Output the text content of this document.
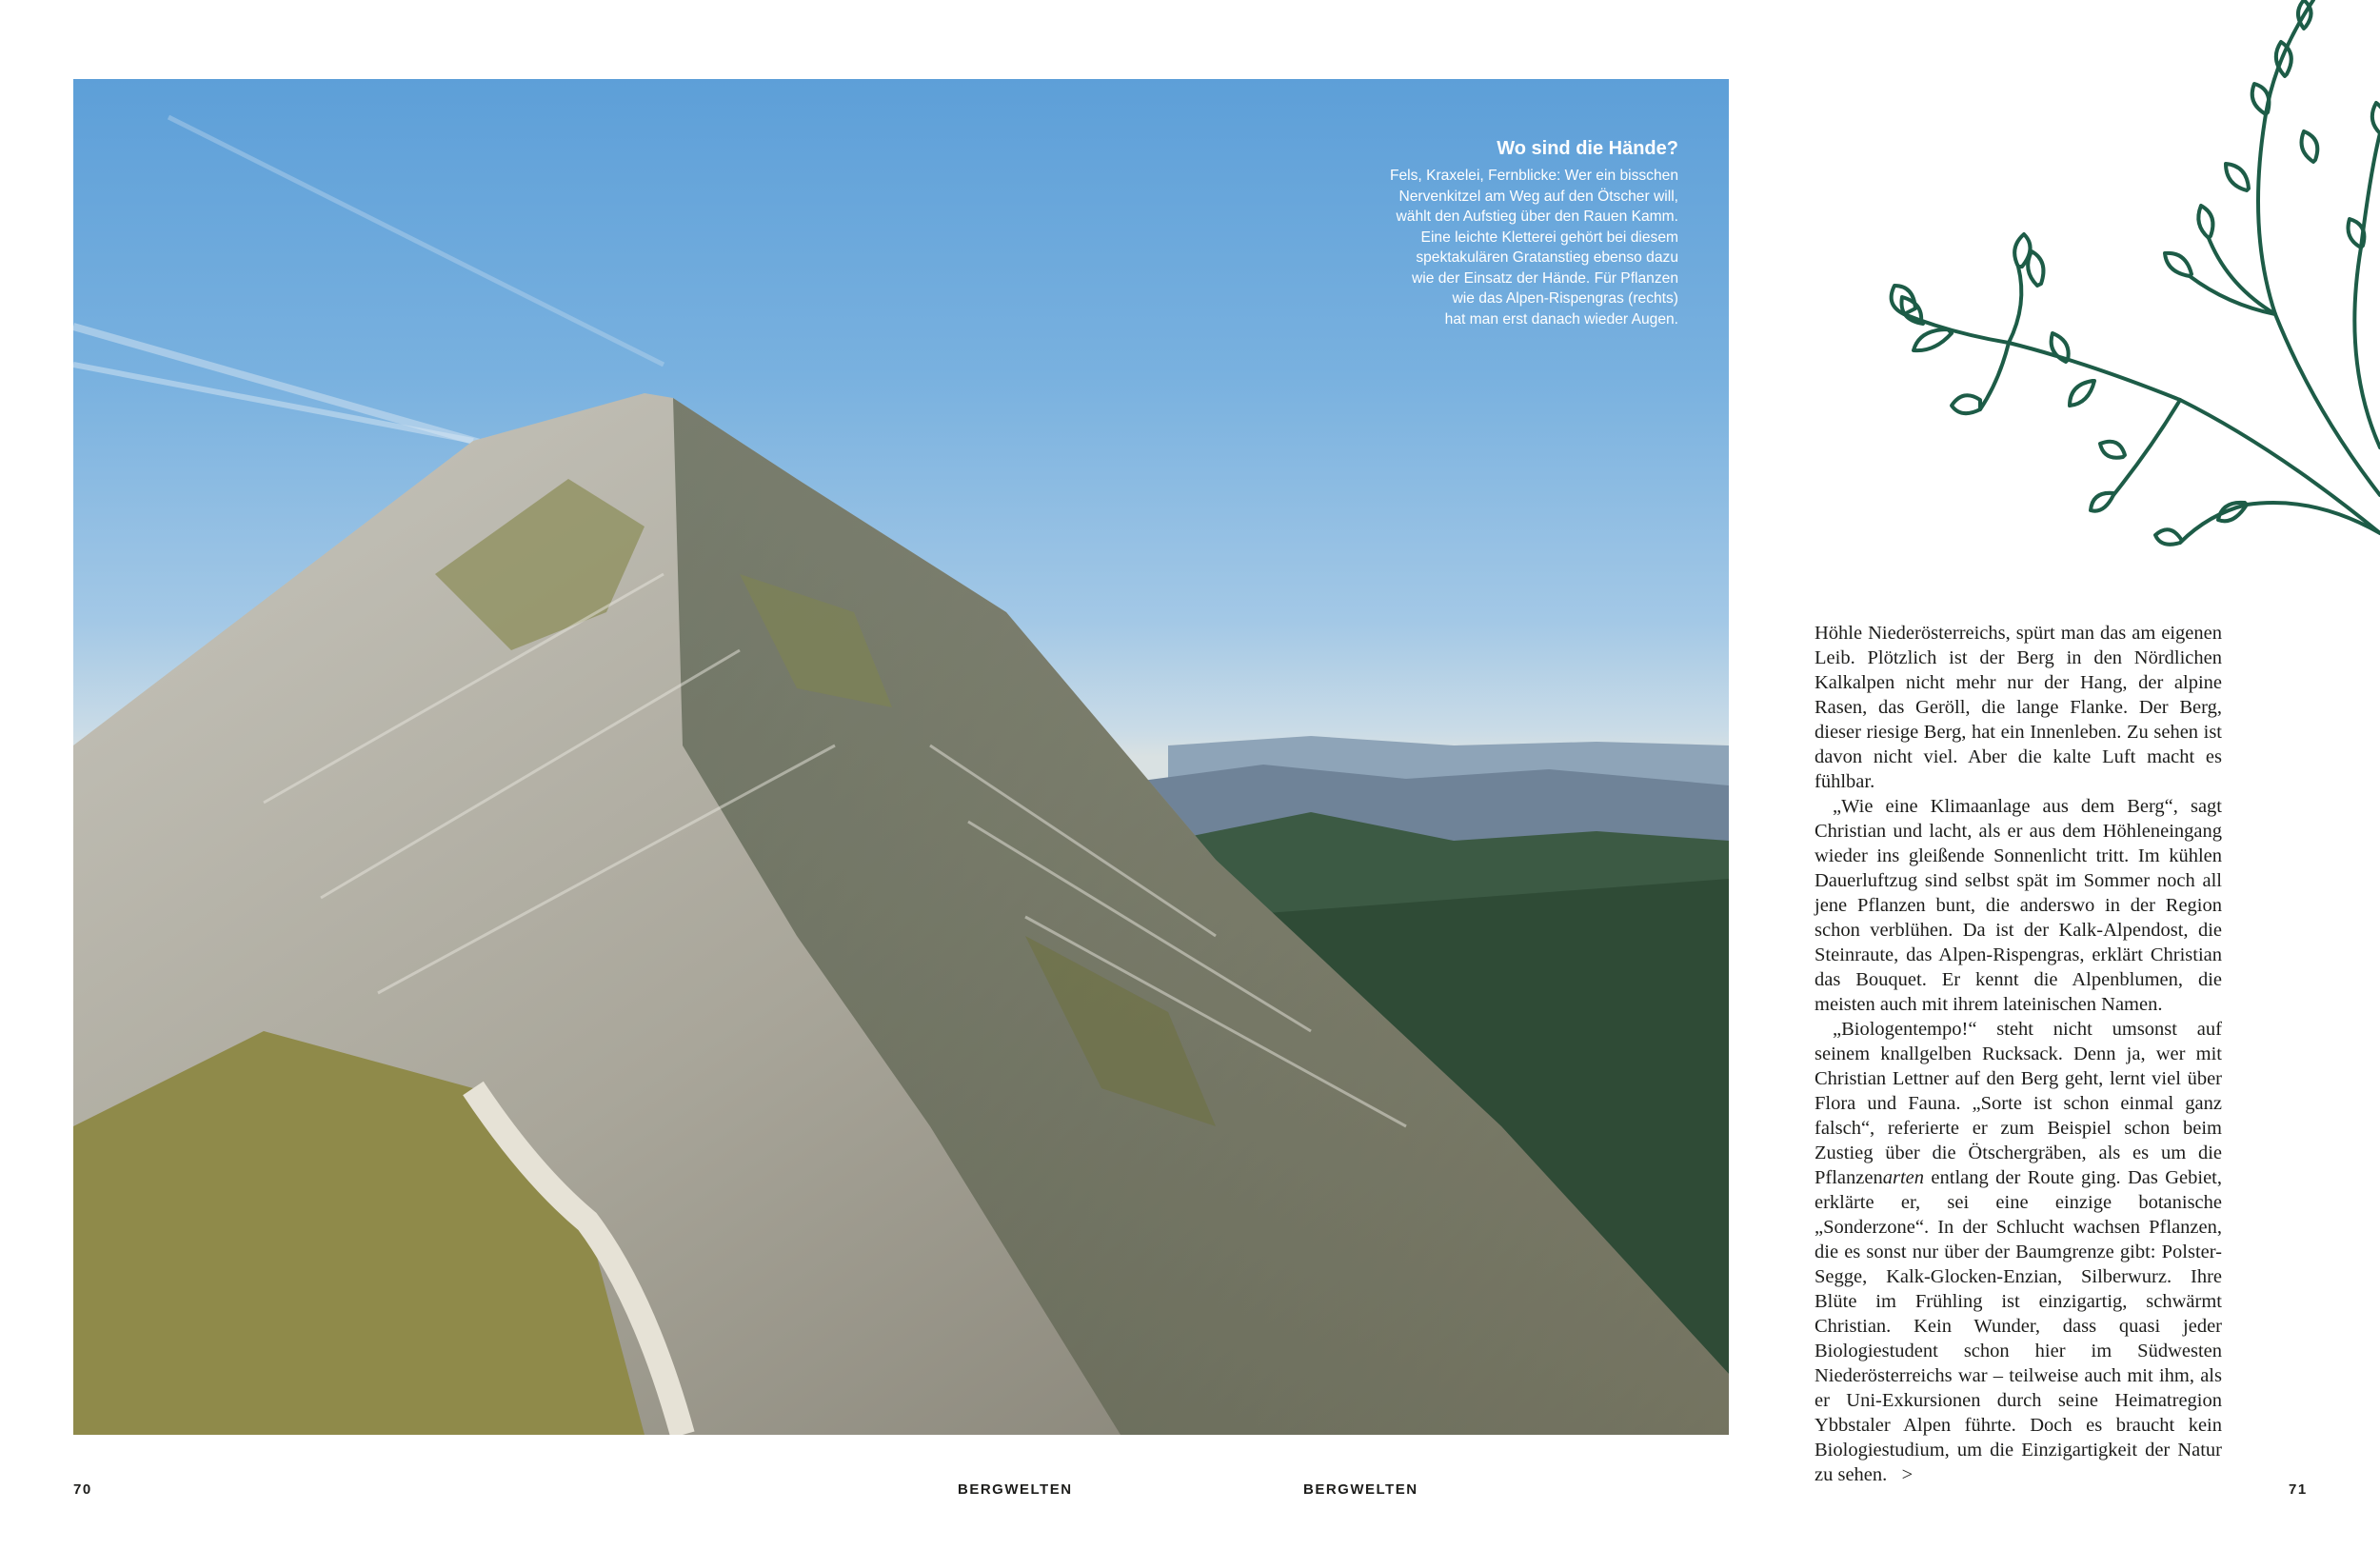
Wo sind die Hände?
Fels, Kraxelei, Fernblicke: Wer ein bisschen
Nervenkitzel am Weg auf den Ötscher will,
wählt den Aufstieg über den Rauen Kamm.
Eine leichte Kletterei gehört bei diesem
spektakulären Gratanstieg ebenso dazu
wie der Einsatz der Hände. Für Pflanzen
wie das Alpen-Rispengras (rechts)
hat man erst danach wieder Augen.

Höhle Niederösterreichs, spürt man das am eigenen Leib. Plötzlich ist der Berg in den Nördlichen Kalkalpen nicht mehr nur der Hang, der alpine Rasen, das Geröll, die lange Flanke. Der Berg, dieser riesige Berg, hat ein Innenleben. Zu sehen ist davon nicht viel. Aber die kalte Luft macht es fühlbar.

„Wie eine Klimaanlage aus dem Berg“, sagt Christian und lacht, als er aus dem Höhleneingang wieder ins gleißende Sonnenlicht tritt. Im kühlen Dauerluftzug sind selbst spät im Sommer noch all jene Pflanzen bunt, die anderswo in der Region schon verblühen. Da ist der Kalk-Alpendost, die Steinraute, das Alpen-Rispengras, erklärt Christian das Bouquet. Er kennt die Alpenblumen, die meisten auch mit ihrem lateinischen Namen.

„Biologentempo!“ steht nicht umsonst auf seinem knallgelben Rucksack. Denn ja, wer mit Christian Lettner auf den Berg geht, lernt viel über Flora und Fauna. „Sorte ist schon einmal ganz falsch“, referierte er zum Beispiel schon beim Zustieg über die Ötschergräben, als es um die Pflanzenarten entlang der Route ging. Das Gebiet, erklärte er, sei eine einzige botanische „Sonderzone“. In der Schlucht wachsen Pflanzen, die es sonst nur über der Baumgrenze gibt: Polster-Segge, Kalk-Glocken-Enzian, Silberwurz. Ihre Blüte im Frühling ist einzigartig, schwärmt Christian. Kein Wunder, dass quasi jeder Biologiestudent schon hier im Südwesten Niederösterreichs war – teilweise auch mit ihm, als er Uni-Exkursionen durch seine Heimatregion Ybbstaler Alpen führte. Doch es braucht kein Biologiestudium, um die Einzigartigkeit der Natur zu sehen. >

70	BERGWELTEN	BERGWELTEN	71
